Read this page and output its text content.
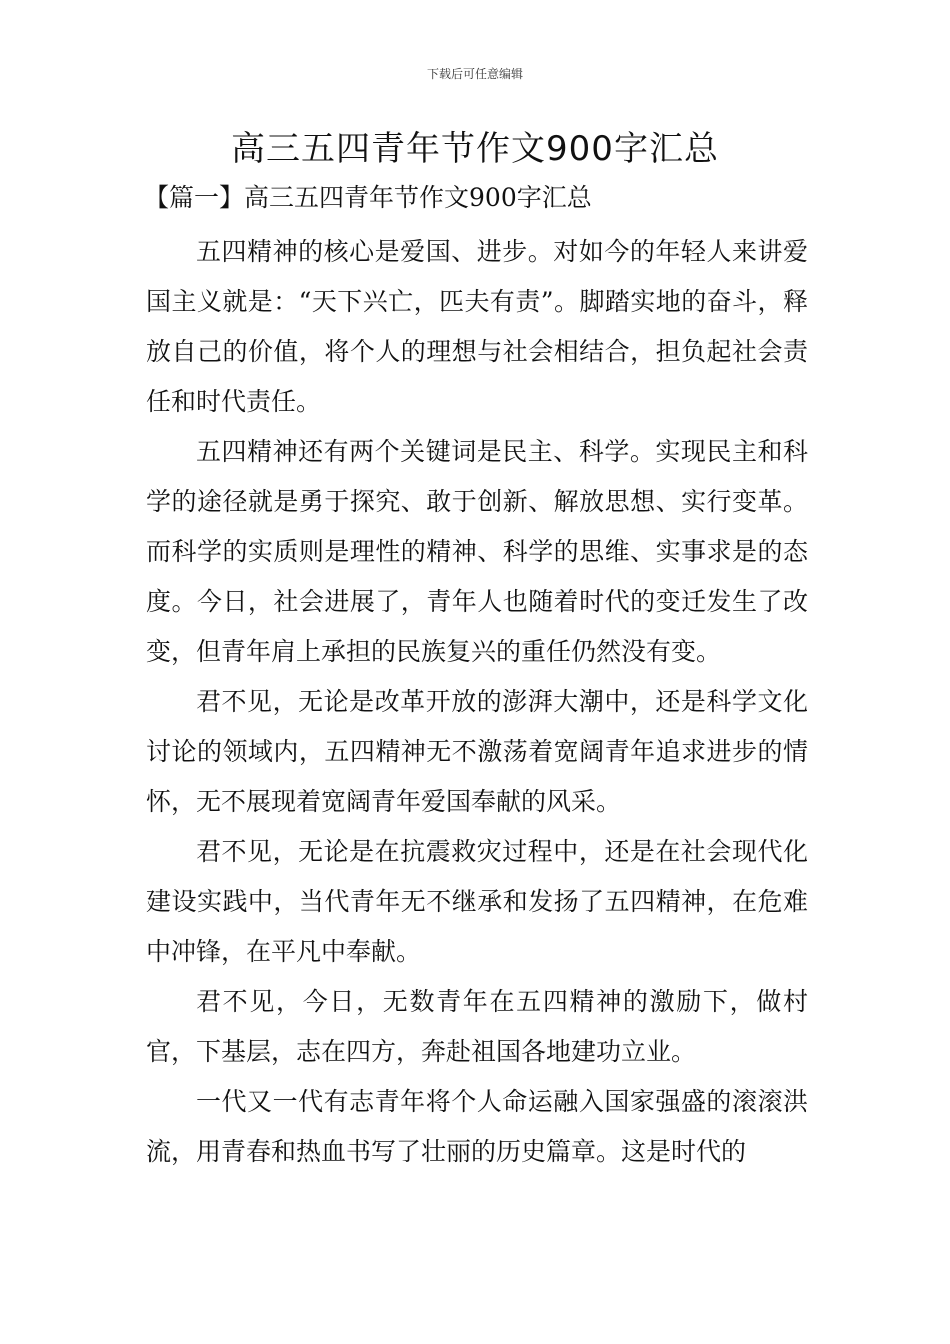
下载后可任意编辑
高三五四青年节作文900字汇总
【篇一】高三五四青年节作文900字汇总

五四精神的核心是爱国、进步。对如今的年轻人来讲爱国主义就是：“天下兴亡，匹夫有责”。脚踏实地的奋斗，释放自己的价值，将个人的理想与社会相结合，担负起社会责任和时代责任。

五四精神还有两个关键词是民主、科学。实现民主和科学的途径就是勇于探究、敢于创新、解放思想、实行变革。而科学的实质则是理性的精神、科学的思维、实事求是的态度。今日，社会进展了，青年人也随着时代的变迁发生了改变，但青年肩上承担的民族复兴的重任仍然没有变。

君不见，无论是改革开放的澎湃大潮中，还是科学文化讨论的领域内，五四精神无不激荡着宽阔青年追求进步的情怀，无不展现着宽阔青年爱国奉献的风采。

君不见，无论是在抗震救灾过程中，还是在社会现代化建设实践中，当代青年无不继承和发扬了五四精神，在危难中冲锋，在平凡中奉献。

君不见，今日，无数青年在五四精神的激励下，做村官，下基层，志在四方，奔赴祖国各地建功立业。

一代又一代有志青年将个人命运融入国家强盛的滚滚洪流，用青春和热血书写了壮丽的历史篇章。这是时代的
